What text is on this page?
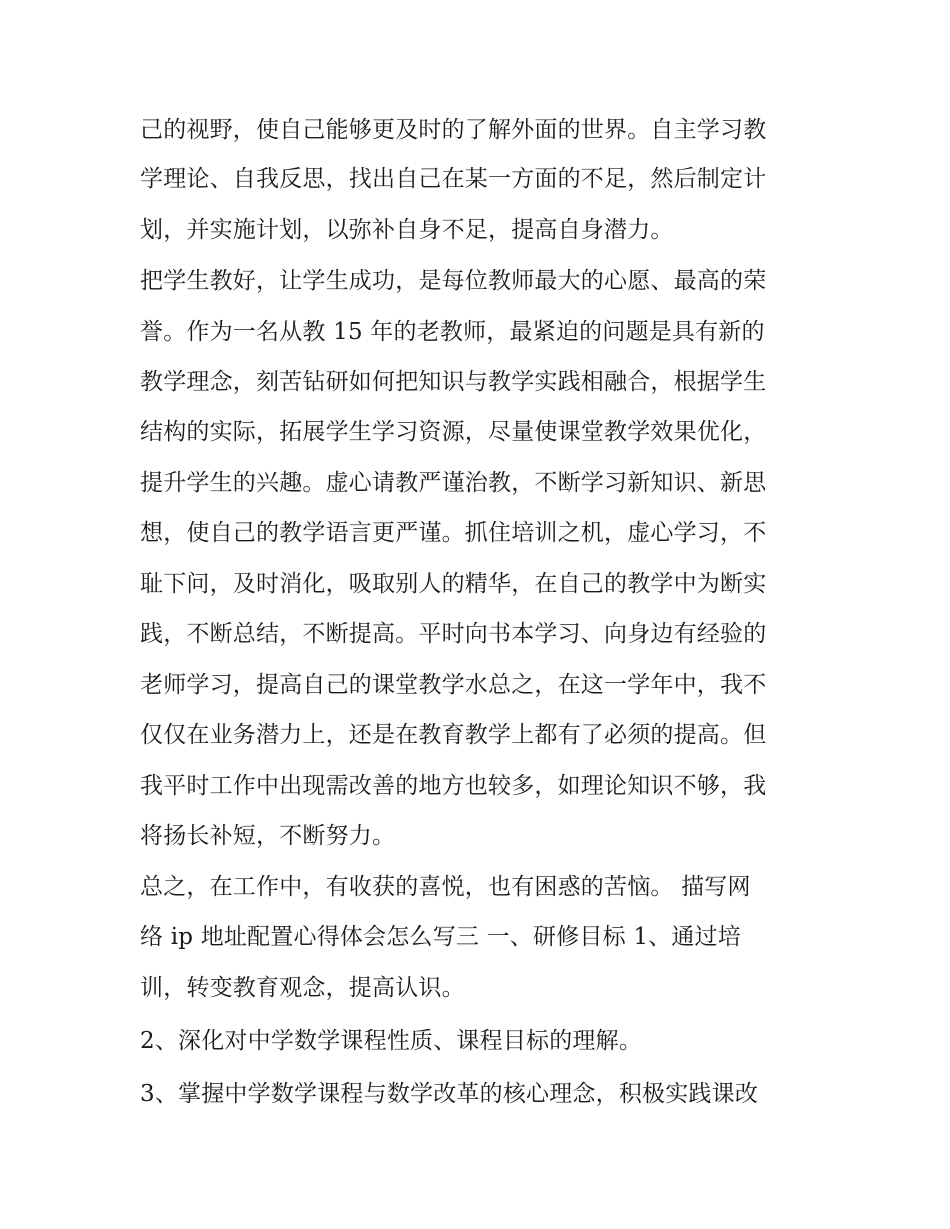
己的视野，使自己能够更及时的了解外面的世界。自主学习教
学理论、自我反思，找出自己在某一方面的不足，然后制定计
划，并实施计划，以弥补自身不足，提高自身潜力。
把学生教好，让学生成功，是每位教师最大的心愿、最高的荣
誉。作为一名从教 15 年的老教师，最紧迫的问题是具有新的
教学理念，刻苦钻研如何把知识与教学实践相融合，根据学生
结构的实际，拓展学生学习资源，尽量使课堂教学效果优化，
提升学生的兴趣。虚心请教严谨治教，不断学习新知识、新思
想，使自己的教学语言更严谨。抓住培训之机，虚心学习，不
耻下问，及时消化，吸取别人的精华，在自己的教学中为断实
践，不断总结，不断提高。平时向书本学习、向身边有经验的
老师学习，提高自己的课堂教学水总之，在这一学年中，我不
仅仅在业务潜力上，还是在教育教学上都有了必须的提高。但
我平时工作中出现需改善的地方也较多，如理论知识不够，我
将扬长补短，不断努力。
总之，在工作中，有收获的喜悦，也有困惑的苦恼。 描写网
络 ip 地址配置心得体会怎么写三 一、研修目标 1、通过培
训，转变教育观念，提高认识。
2、深化对中学数学课程性质、课程目标的理解。
3、掌握中学数学课程与数学改革的核心理念，积极实践课改
